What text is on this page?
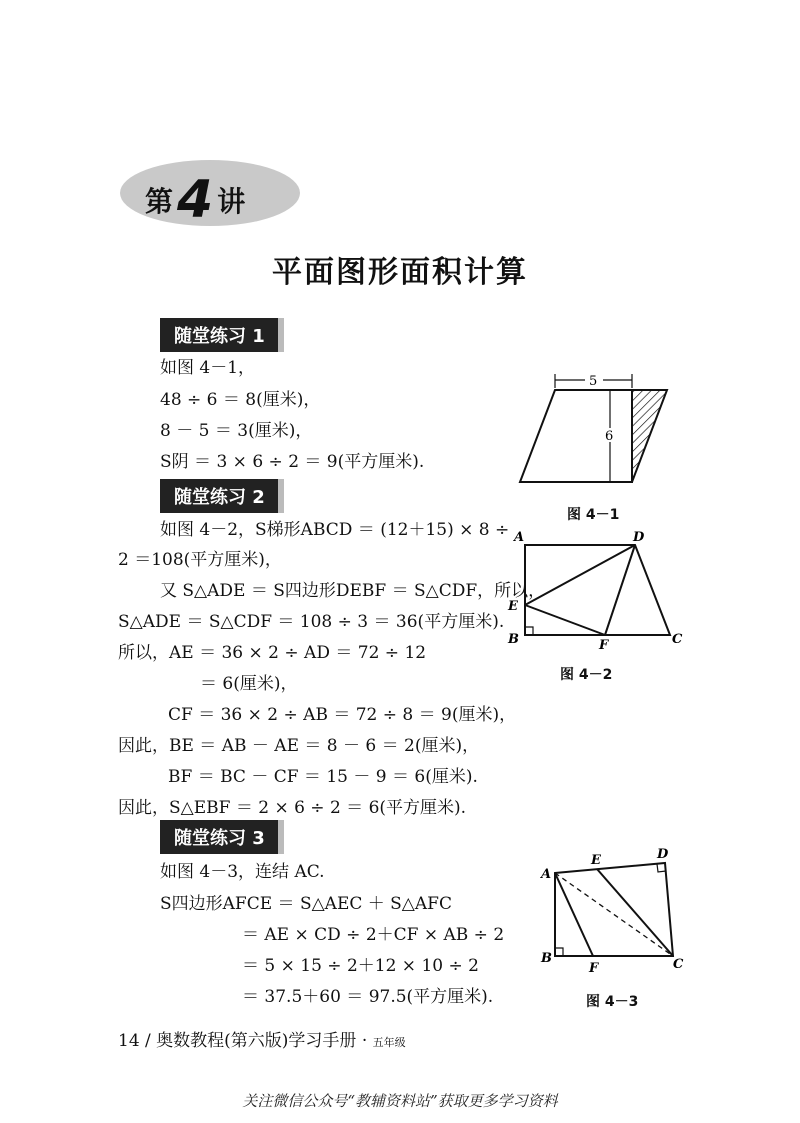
第4 讲
平面图形面积计算
随堂练习 1
如图 4－1，
48 ÷ 6 ＝ 8(厘米)，
8 － 5 ＝ 3(厘米)，
S阴 ＝ 3 × 6 ÷ 2 ＝ 9(平方厘米).
5
6
图 4－1
随堂练习 2
如图 4－2，S梯形ABCD ＝ (12＋15) × 8 ÷
2 ＝108(平方厘米)，
又 S△ADE ＝ S四边形DEBF ＝ S△CDF，所以，
S△ADE ＝ S△CDF ＝ 108 ÷ 3 ＝ 36(平方厘米).
所以，AE ＝ 36 × 2 ÷ AD ＝ 72 ÷ 12
＝ 6(厘米)，
CF ＝ 36 × 2 ÷ AB ＝ 72 ÷ 8 ＝ 9(厘米)，
因此，BE ＝ AB － AE ＝ 8 － 6 ＝ 2(厘米)，
BF ＝ BC － CF ＝ 15 － 9 ＝ 6(厘米).
因此，S△EBF ＝ 2 × 6 ÷ 2 ＝ 6(平方厘米).
A	D
E
B	F	C
图 4－2
随堂练习 3
如图 4－3，连结 AC.
S四边形AFCE ＝ S△AEC ＋ S△AFC
＝ AE × CD ÷ 2＋CF × AB ÷ 2
＝ 5 × 15 ÷ 2＋12 × 10 ÷ 2
＝ 37.5＋60 ＝ 97.5(平方厘米).
A
E	D
B
F	C
图 4－3
14 / 奥数教程(第六版)学习手册 · 五年级
关注微信公众号“教辅资料站”获取更多学习资料
